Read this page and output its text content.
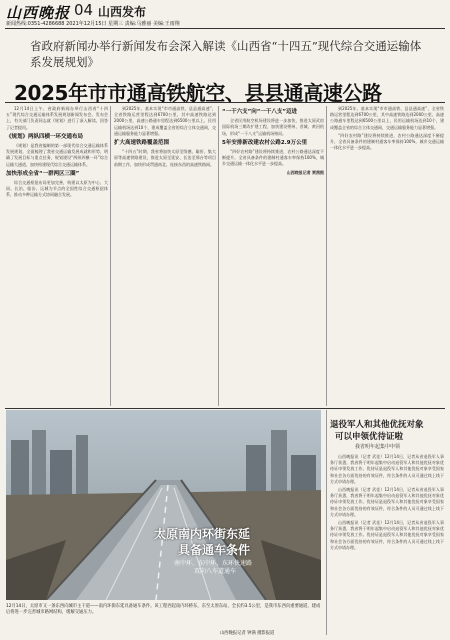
山西晚报 04 山西发布
新闻热线:0351-4286688 2021年12月15日 星期三 责编:马雅丽 美编:王雨翔
省政府新闻办举行新闻发布会深入解读《山西省“十四五”现代综合交通运输体系发展规划》
2025年市市通高铁航空、县县通高速公路

12月14日上午，省政府新闻办举行山西省“十四五”现代综合交通运输体系发展规划新闻发布会。发布会上，有关部门负责同志就《规划》进行了深入解读，回答了记者提问。

《规划》两纵四横一环交通布局

《规划》是我省编制的第一部现代综合交通运输体系发展规划，全面梳理了我省交通运输发展成就和形势，明确了发展目标与重点任务，规划建设“两纵四横一环”综合运输大通道，加快构建现代综合交通运输体系。

加快形成全省“一群两区三圈”

综合交通枢纽布局更加完善，构建以太原为中心、大同、长治、临汾、运城为节点的全国性综合交通枢纽体系，推动多种运输方式协同融合发展。

到2025年，基本实现“市市通高铁、县县通高速”，全省铁路运营里程达到6700公里，其中高速铁路达到2000公里，高速公路通车里程达到6500公里以上，民用运输机场达到10个，建成覆盖全省的综合立体交通网，交通运输服务能力显著增强。

扩大高速铁路覆盖范围

“十四五”时期，我省将加快太原至绥德、雄忻、集大原等高速铁路建设，推进太原至延安、长治至邢台等项目前期工作，加快形成贯通南北、连接东西的高速铁路网。

“一干六支”向“一干八支”迈进

全省民用航空机场建设将进一步加快，推进太原武宿国际机场三期改扩建工程，加快建设朔州、晋城、黄河机场，形成“一干八支”运输机场格局。

5年安排新改建农村公路2.9万公里

“四好农村路”建设将持续推进，农村公路通达深度不断提升，全省具备条件的建制村通客车率保持100%，城乡交通运输一体化水平进一步提高。

山西晚报记者 贾茜熙

到2025年，基本实现“市市通高铁、县县通高速”，全省铁路运营里程达到6700公里，其中高速铁路达到2000公里，高速公路通车里程达到6500公里以上，民用运输机场达到10个，建成覆盖全省的综合立体交通网，交通运输服务能力显著增强。

“四好农村路”建设将持续推进，农村公路通达深度不断提升，全省具备条件的建制村通客车率保持100%，城乡交通运输一体化水平进一步提高。

太原南内环街东延
具备通车条件
南中环、东中环、东环快速路
双向八车道通车
12月14日，太原市又一条东西向城市主干道——南内环街东延具备通车条件。该工程西起南内环桥东，东至太原东站，全长约3.5公里，是我市东西向重要通道，建成后将进一步完善城市路网结构，缓解交通压力。
山西晚报记者 钟满 摄影报道
退役军人和其他优抚对象
可以申领优待证啦
我省明年起集中申领

山西晚报讯（记者 武佳）12月14日，记者从省退役军人事务厅获悉，我省将于明年起集中启动退役军人和其他优抚对象优待证申领发放工作。优待证是退役军人和其他优抚对象享受国家和社会各方面优待的有效证件，符合条件的人员可通过线上线下方式申请办理。

山西晚报讯（记者 武佳）12月14日，记者从省退役军人事务厅获悉，我省将于明年起集中启动退役军人和其他优抚对象优待证申领发放工作。优待证是退役军人和其他优抚对象享受国家和社会各方面优待的有效证件，符合条件的人员可通过线上线下方式申请办理。

山西晚报讯（记者 武佳）12月14日，记者从省退役军人事务厅获悉，我省将于明年起集中启动退役军人和其他优抚对象优待证申领发放工作。优待证是退役军人和其他优抚对象享受国家和社会各方面优待的有效证件，符合条件的人员可通过线上线下方式申请办理。
